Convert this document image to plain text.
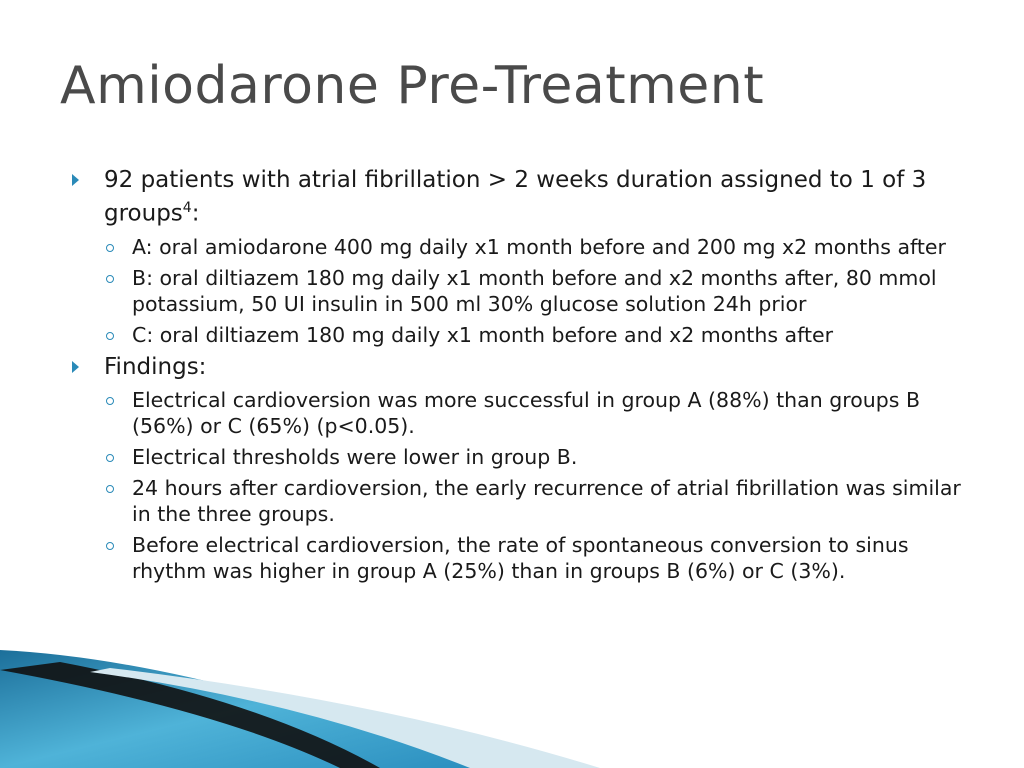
Amiodarone Pre-Treatment
92 patients with atrial fibrillation > 2 weeks duration assigned to 1 of 3 groups$^4$:
A: oral amiodarone 400 mg daily x1 month before and 200 mg x2 months after
B: oral diltiazem 180 mg daily x1 month before and x2 months after, 80 mmol potassium, 50 UI insulin in 500 ml 30% glucose solution 24h prior
C: oral diltiazem 180 mg daily x1 month before and x2 months after
Findings:
Electrical cardioversion was more successful in group A (88%) than groups B (56%) or C (65%) (p<0.05).
Electrical thresholds were lower in group B.
24 hours after cardioversion, the early recurrence of atrial fibrillation was similar in the three groups.
Before electrical cardioversion, the rate of spontaneous conversion to sinus rhythm was higher in group A (25%) than in groups B (6%) or C (3%).
